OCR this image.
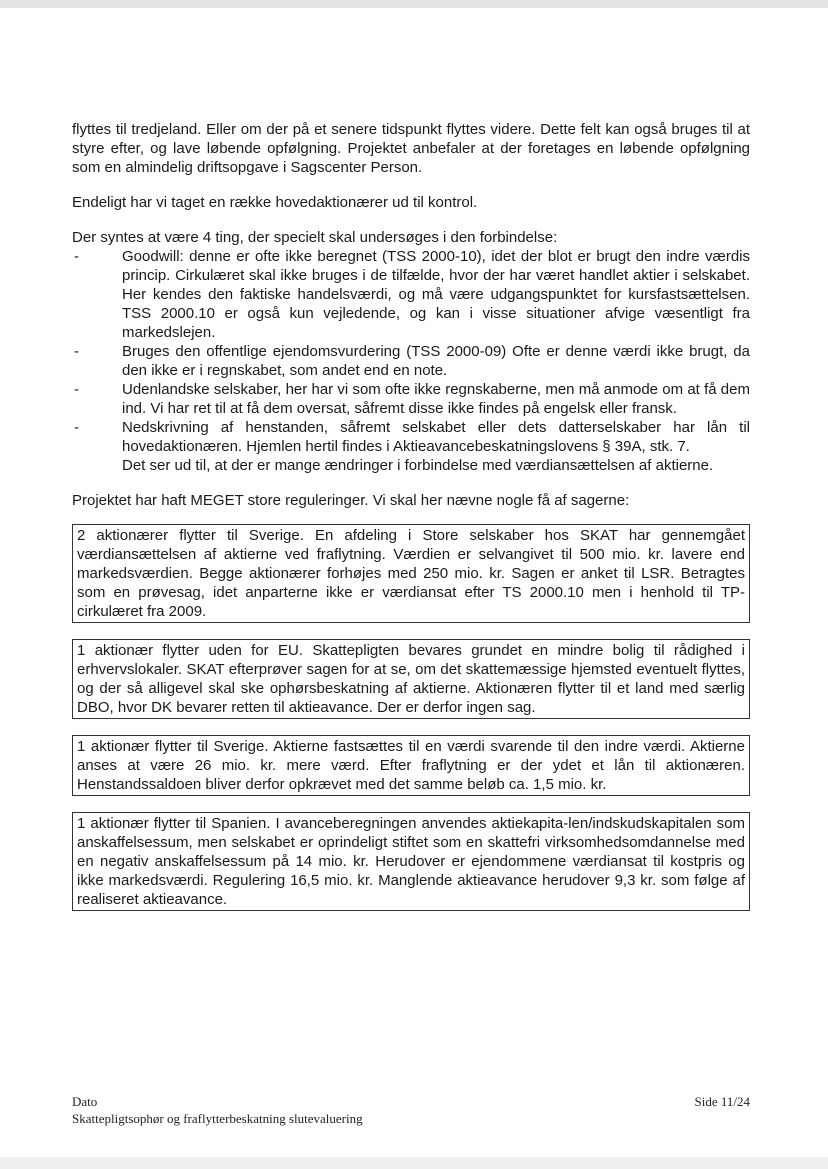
flyttes til tredjeland. Eller om der på et senere tidspunkt flyttes videre. Dette felt kan også bruges til at styre efter, og lave løbende opfølgning. Projektet anbefaler at der foretages en løbende opfølgning som en almindelig driftsopgave i Sagscenter Person.

Endeligt har vi taget en række hovedaktionærer ud til kontrol.

Der syntes at være 4 ting, der specielt skal undersøges i den forbindelse:

-	Goodwill: denne er ofte ikke beregnet (TSS 2000-10), idet der blot er brugt den indre værdis princip. Cirkulæret skal ikke bruges i de tilfælde, hvor der har været handlet aktier i selskabet. Her kendes den faktiske handelsværdi, og må være udgangspunktet for kursfastsættelsen. TSS 2000.10 er også kun vejledende, og kan i visse situationer afvige væsentligt fra markedslejen.
-	Bruges den offentlige ejendomsvurdering (TSS 2000-09) Ofte er denne værdi ikke brugt, da den ikke er i regnskabet, som andet end en note.
-	Udenlandske selskaber, her har vi som ofte ikke regnskaberne, men må anmode om at få dem ind. Vi har ret til at få dem oversat, såfremt disse ikke findes på engelsk eller fransk.
-	Nedskrivning af henstanden, såfremt selskabet eller dets datterselskaber har lån til hovedaktionæren. Hjemlen hertil findes i Aktieavancebeskatningslovens § 39A, stk. 7.

Det ser ud til, at der er mange ændringer i forbindelse med værdiansættelsen af aktierne.

Projektet har haft MEGET store reguleringer. Vi skal her nævne nogle få af sagerne:

2 aktionærer flytter til Sverige. En afdeling i Store selskaber hos SKAT har gennemgået værdiansættelsen af aktierne ved fraflytning. Værdien er selvangivet til 500 mio. kr. lavere end markedsværdien. Begge aktionærer forhøjes med 250 mio. kr. Sagen er anket til LSR. Betragtes som en prøvesag, idet anparterne ikke er værdiansat efter TS 2000.10 men i henhold til TP-cirkulæret fra 2009.
1 aktionær flytter uden for EU. Skattepligten bevares grundet en mindre bolig til rådighed i erhvervslokaler. SKAT efterprøver sagen for at se, om det skattemæssige hjemsted eventuelt flyttes, og der så alligevel skal ske ophørsbeskatning af aktierne. Aktionæren flytter til et land med særlig DBO, hvor DK bevarer retten til aktieavance. Der er derfor ingen sag.
1 aktionær flytter til Sverige. Aktierne fastsættes til en værdi svarende til den indre værdi. Aktierne anses at være 26 mio. kr. mere værd. Efter fraflytning er der ydet et lån til aktionæren. Henstandssaldoen bliver derfor opkrævet med det samme beløb ca. 1,5 mio. kr.
1 aktionær flytter til Spanien. I avanceberegningen anvendes aktiekapita-len/indskudskapitalen som anskaffelsessum, men selskabet er oprindeligt stiftet som en skattefri virksomhedsomdannelse med en negativ anskaffelsessum på 14 mio. kr. Herudover er ejendommene værdiansat til kostpris og ikke markedsværdi. Regulering 16,5 mio. kr. Manglende aktieavance herudover 9,3 kr. som følge af realiseret aktieavance.
Dato
Skattepligtsophør og fraflytterbeskatning slutevaluering
Side 11/24
